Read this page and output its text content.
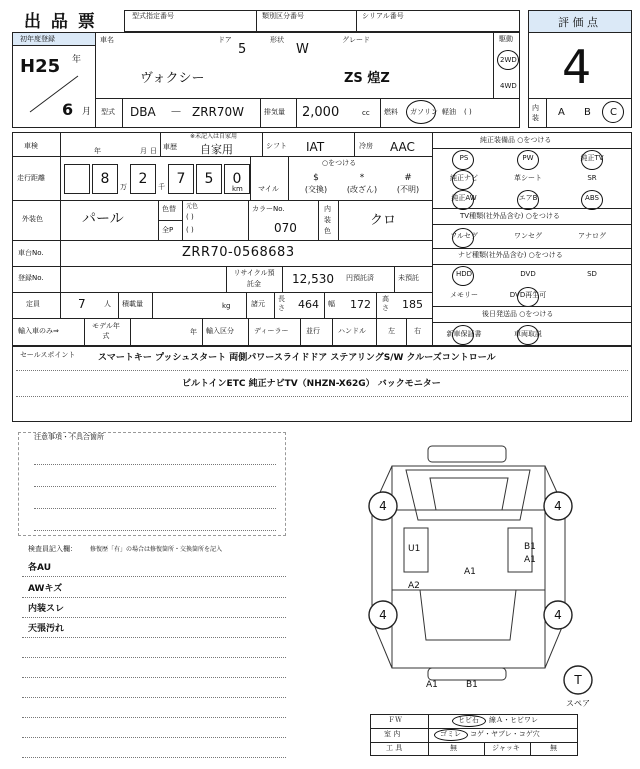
出 品 票	型式指定番号	類別区分番号	シリアル番号	評 価 点
4
内装	A B C
初年度登録
H25 年
6 月
車名
ヴォクシー
ドア
5
形状
W
グレード
ZS 煌Z
駆動
2WD
4WD
型式 DBA － ZRR70W	排気量 2,000	cc 燃料 ガソリン 軽油 ( )
車検
年	月 日
※未記入は自家用
車歴 自家用	シフト IAT	冷房 AAC
走行距離	8	万 2	千 7	5	0
km マイル
○をつける
$
(交換)
*
(改ざん)
#
(不明)
外装色	パール
色替 元色
( )
全P ( )
カラーNo.
070
内装色
クロ
車台No.	ZRR70-0568683
登録No.
リサイクル預託金	12,530 円預託済	未預託
定員	7	人 積載量	kg	諸元
長さ 464 幅 172 高さ 185
輸入車のみ⇒
モデル年式	年 輸入区分	ディーラー	並行	ハンドル	左	右
純正装備品 ○をつける
PS	PW	純正TV
純正ナビ	革シート	SR
純正AW	エアB	ABS
TV種類(社外品含む) ○をつける
フルセグ	ワンセグ	アナログ
ナビ種類(社外品含む) ○をつける
HDD	DVD	SD
メモリー	DVD再生可
後日発送品 ○をつける
新車保証書	車両取説
セールスポイント	スマートキー プッシュスタート 両側パワースライドドア ステアリングS/W クルーズコントロール
ビルトインETC 純正ナビTV（NHZN-X62G） バックモニター
注意事項・不具合箇所
検査員記入欄： 修復歴「有」の場合は修復箇所・交換箇所を記入
各AU
AWキズ
内装スレ
天張汚れ
4	4
4	4
U1
A2
A1
B1
A1
A1	B1	T
スペア
ＦＷ	ヒビ石 線Ａ・ヒビワレ
室 内	ゴミレ コゲ・ヤブレ・コゲ穴
工 具	無	ジャッキ	無
